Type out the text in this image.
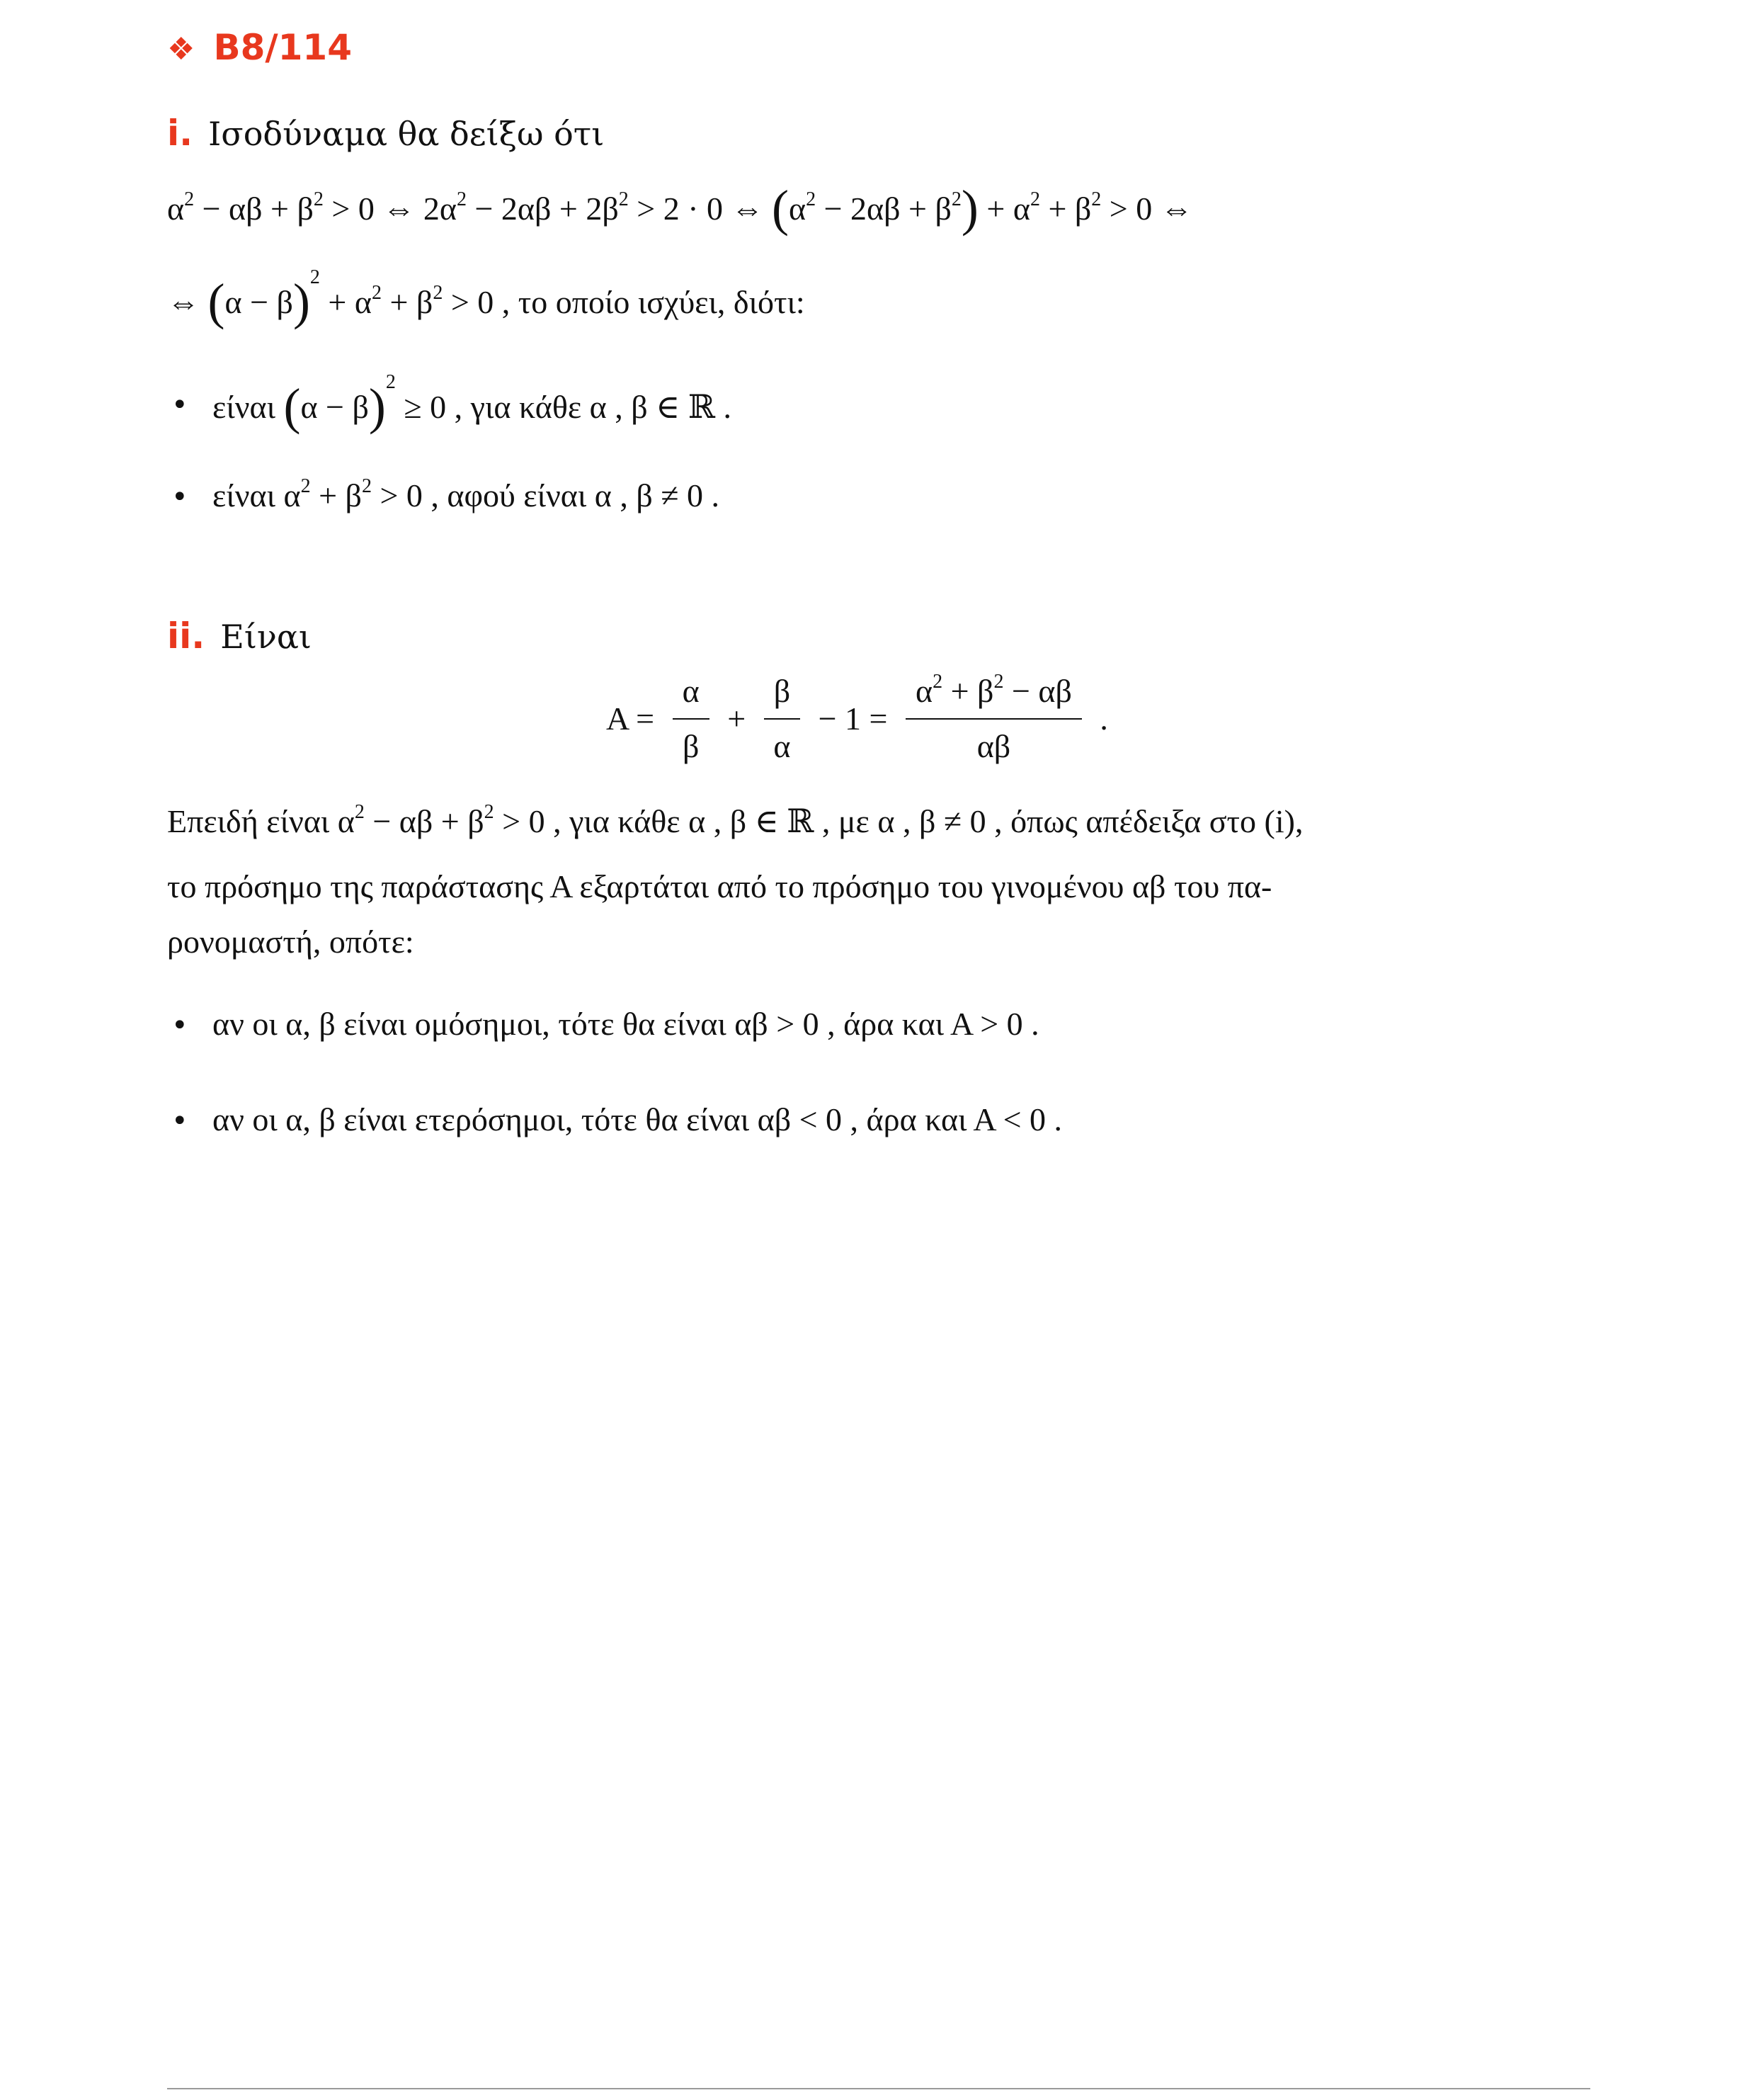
❖ B8/114
i. Ισοδύναμα θα δείξω ότι
$\alpha^2 - \alpha\beta + \beta^2 > 0$ ⇔ $2\alpha^2 - 2\alpha\beta + 2\beta^2 > 2 \cdot 0$ ⇔ $(\alpha^2 - 2\alpha\beta + \beta^2) + \alpha^2 + \beta^2 > 0$ ⇔
⇔ $(\alpha - \beta)^2 + \alpha^2 + \beta^2 > 0$ , το οποίο ισχύει, διότι:
• είναι $(\alpha - \beta)^2 \ge 0$ , για κάθε α , β ∈ ℝ .
• είναι $\alpha^2 + \beta^2 > 0$ , αφού είναι α , β ≠ 0 .
ii. Είναι
$A = \frac{\alpha}{\beta} + \frac{\beta}{\alpha} - 1 = \frac{\alpha^2 + \beta^2 - \alpha\beta}{\alpha\beta}$ .
Επειδή είναι $\alpha^2 - \alpha\beta + \beta^2 > 0$ , για κάθε α , β ∈ ℝ , με α , β ≠ 0 , όπως απέδειξα στο (i),
το πρόσημο της παράστασης Α εξαρτάται από το πρόσημο του γινομένου αβ του πα-
ρονομαστή, οπότε:
• αν οι α, β είναι ομόσημοι, τότε θα είναι αβ > 0 , άρα και Α > 0 .
• αν οι α, β είναι ετερόσημοι, τότε θα είναι αβ < 0 , άρα και Α < 0 .
